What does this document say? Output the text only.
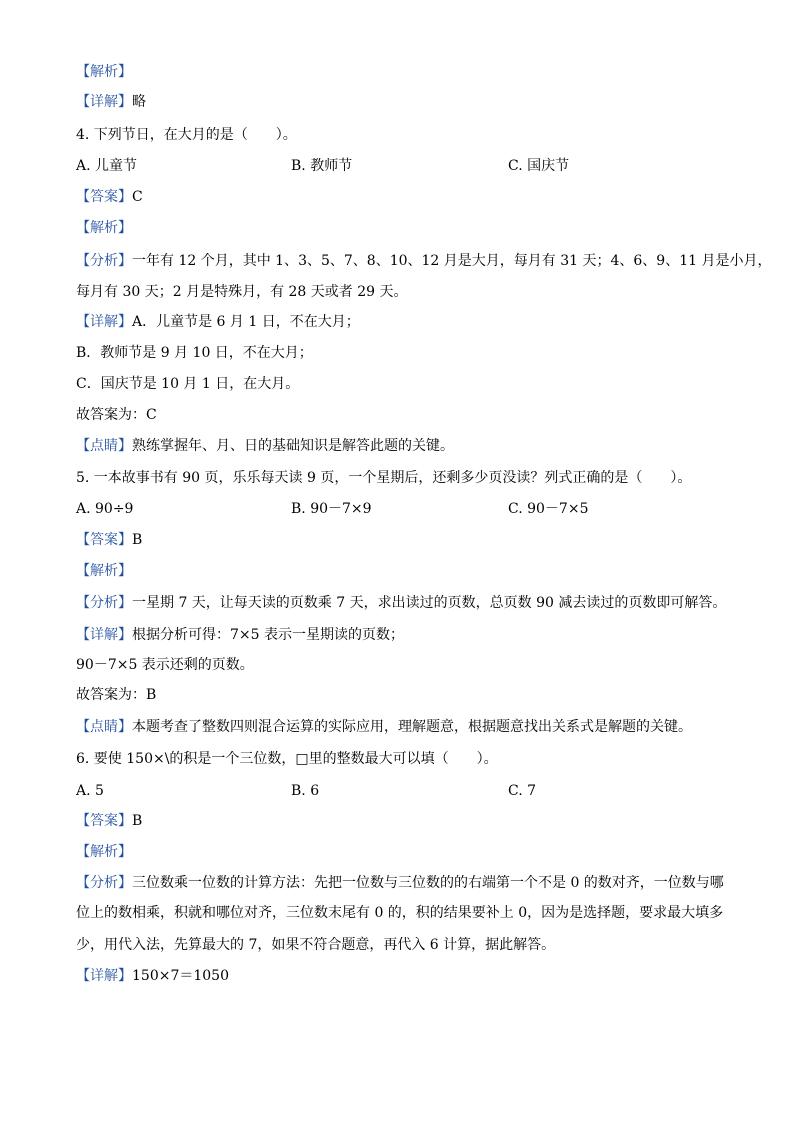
【解析】
【详解】略
4. 下列节日，在大月的是（　　）。
A. 儿童节	B. 教师节	C. 国庆节
【答案】C
【解析】
【分析】一年有 12 个月，其中 1、3、5、7、8、10、12 月是大月，每月有 31 天；4、6、9、11 月是小月，
每月有 30 天；2 月是特殊月，有 28 天或者 29 天。
【详解】A．儿童节是 6 月 1 日，不在大月；
B．教师节是 9 月 10 日，不在大月；
C．国庆节是 10 月 1 日，在大月。
故答案为：C
【点睛】熟练掌握年、月、日的基础知识是解答此题的关键。
5. 一本故事书有 90 页，乐乐每天读 9 页，一个星期后，还剩多少页没读？列式正确的是（　　）。
A. 90÷9	B. 90－7×9	C. 90－7×5
【答案】B
【解析】
【分析】一星期 7 天，让每天读的页数乘 7 天，求出读过的页数，总页数 90 减去读过的页数即可解答。
【详解】根据分析可得：7×5 表示一星期读的页数；
90－7×5 表示还剩的页数。
故答案为：B
【点睛】本题考查了整数四则混合运算的实际应用，理解题意，根据题意找出关系式是解题的关键。
6. 要使 150×\的积是一个三位数，□里的整数最大可以填（　　）。
A. 5	B. 6	C. 7
【答案】B
【解析】
【分析】三位数乘一位数的计算方法：先把一位数与三位数的的右端第一个不是 0 的数对齐，一位数与哪
位上的数相乘，积就和哪位对齐，三位数末尾有 0 的，积的结果要补上 0，因为是选择题，要求最大填多
少，用代入法，先算最大的 7，如果不符合题意，再代入 6 计算，据此解答。
【详解】150×7＝1050
